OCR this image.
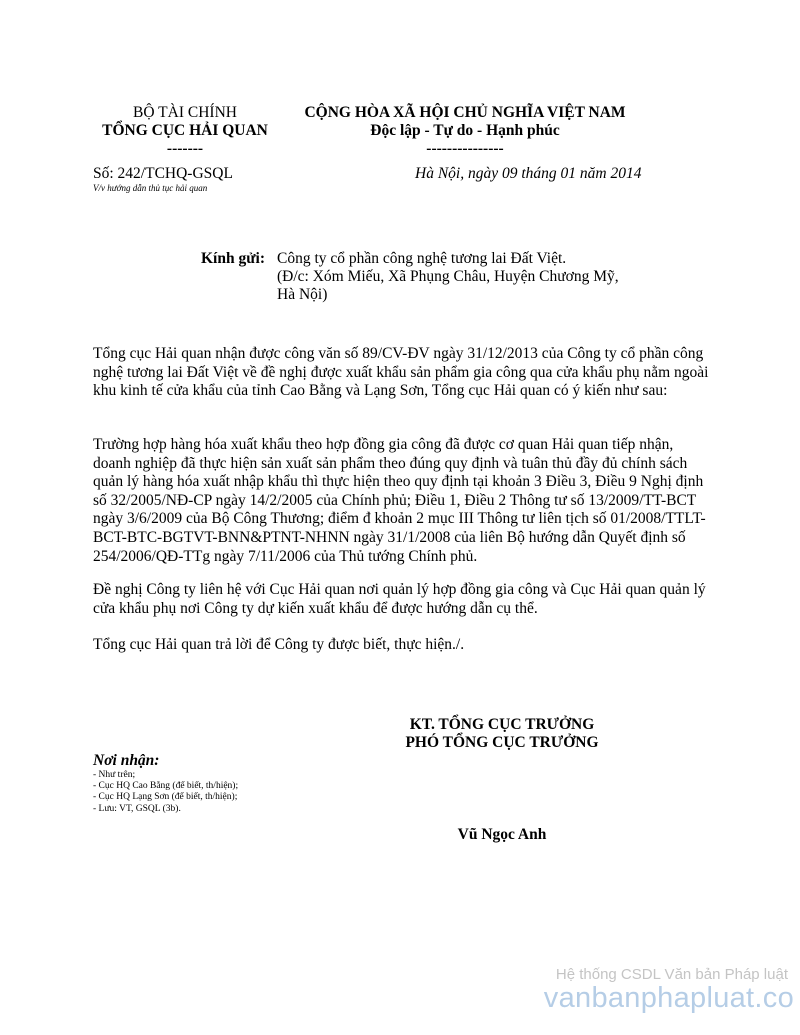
BỘ TÀI CHÍNH
TỔNG CỤC HẢI QUAN
-------
CỘNG HÒA XÃ HỘI CHỦ NGHĨA VIỆT NAM
Độc lập - Tự do - Hạnh phúc
---------------
Số: 242/TCHQ-GSQL
V/v hướng dẫn thủ tục hải quan
Hà Nội, ngày 09 tháng 01 năm 2014
Kính gửi: Công ty cổ phần công nghệ tương lai Đất Việt.
(Đ/c: Xóm Miếu, Xã Phụng Châu, Huyện Chương Mỹ,
Hà Nội)
Tổng cục Hải quan nhận được công văn số 89/CV-ĐV ngày 31/12/2013 của Công ty cổ phần công nghệ tương lai Đất Việt về đề nghị được xuất khẩu sản phẩm gia công qua cửa khẩu phụ nằm ngoài khu kinh tế cửa khẩu của tỉnh Cao Bằng và Lạng Sơn, Tổng cục Hải quan có ý kiến như sau:
Trường hợp hàng hóa xuất khẩu theo hợp đồng gia công đã được cơ quan Hải quan tiếp nhận, doanh nghiệp đã thực hiện sản xuất sản phẩm theo đúng quy định và tuân thủ đầy đủ chính sách quản lý hàng hóa xuất nhập khẩu thì thực hiện theo quy định tại khoản 3 Điều 3, Điều 9 Nghị định số 32/2005/NĐ-CP ngày 14/2/2005 của Chính phủ; Điều 1, Điều 2 Thông tư số 13/2009/TT-BCT ngày 3/6/2009 của Bộ Công Thương; điểm đ khoản 2 mục III Thông tư liên tịch số 01/2008/TTLT-BCT-BTC-BGTVT-BNN&PTNT-NHNN ngày 31/1/2008 của liên Bộ hướng dẫn Quyết định số 254/2006/QĐ-TTg ngày 7/11/2006 của Thủ tướng Chính phủ.
Đề nghị Công ty liên hệ với Cục Hải quan nơi quản lý hợp đồng gia công và Cục Hải quan quản lý cửa khẩu phụ nơi Công ty dự kiến xuất khẩu để được hướng dẫn cụ thể.
Tổng cục Hải quan trả lời để Công ty được biết, thực hiện./.
KT. TỔNG CỤC TRƯỞNG
PHÓ TỔNG CỤC TRƯỞNG
Vũ Ngọc Anh
Nơi nhận:
- Như trên;
- Cục HQ Cao Bằng (để biết, th/hiện);
- Cục HQ Lạng Sơn (để biết, th/hiện);
- Lưu: VT, GSQL (3b).
Hệ thống CSDL Văn bản Pháp luật
vanbanphapluat.co
